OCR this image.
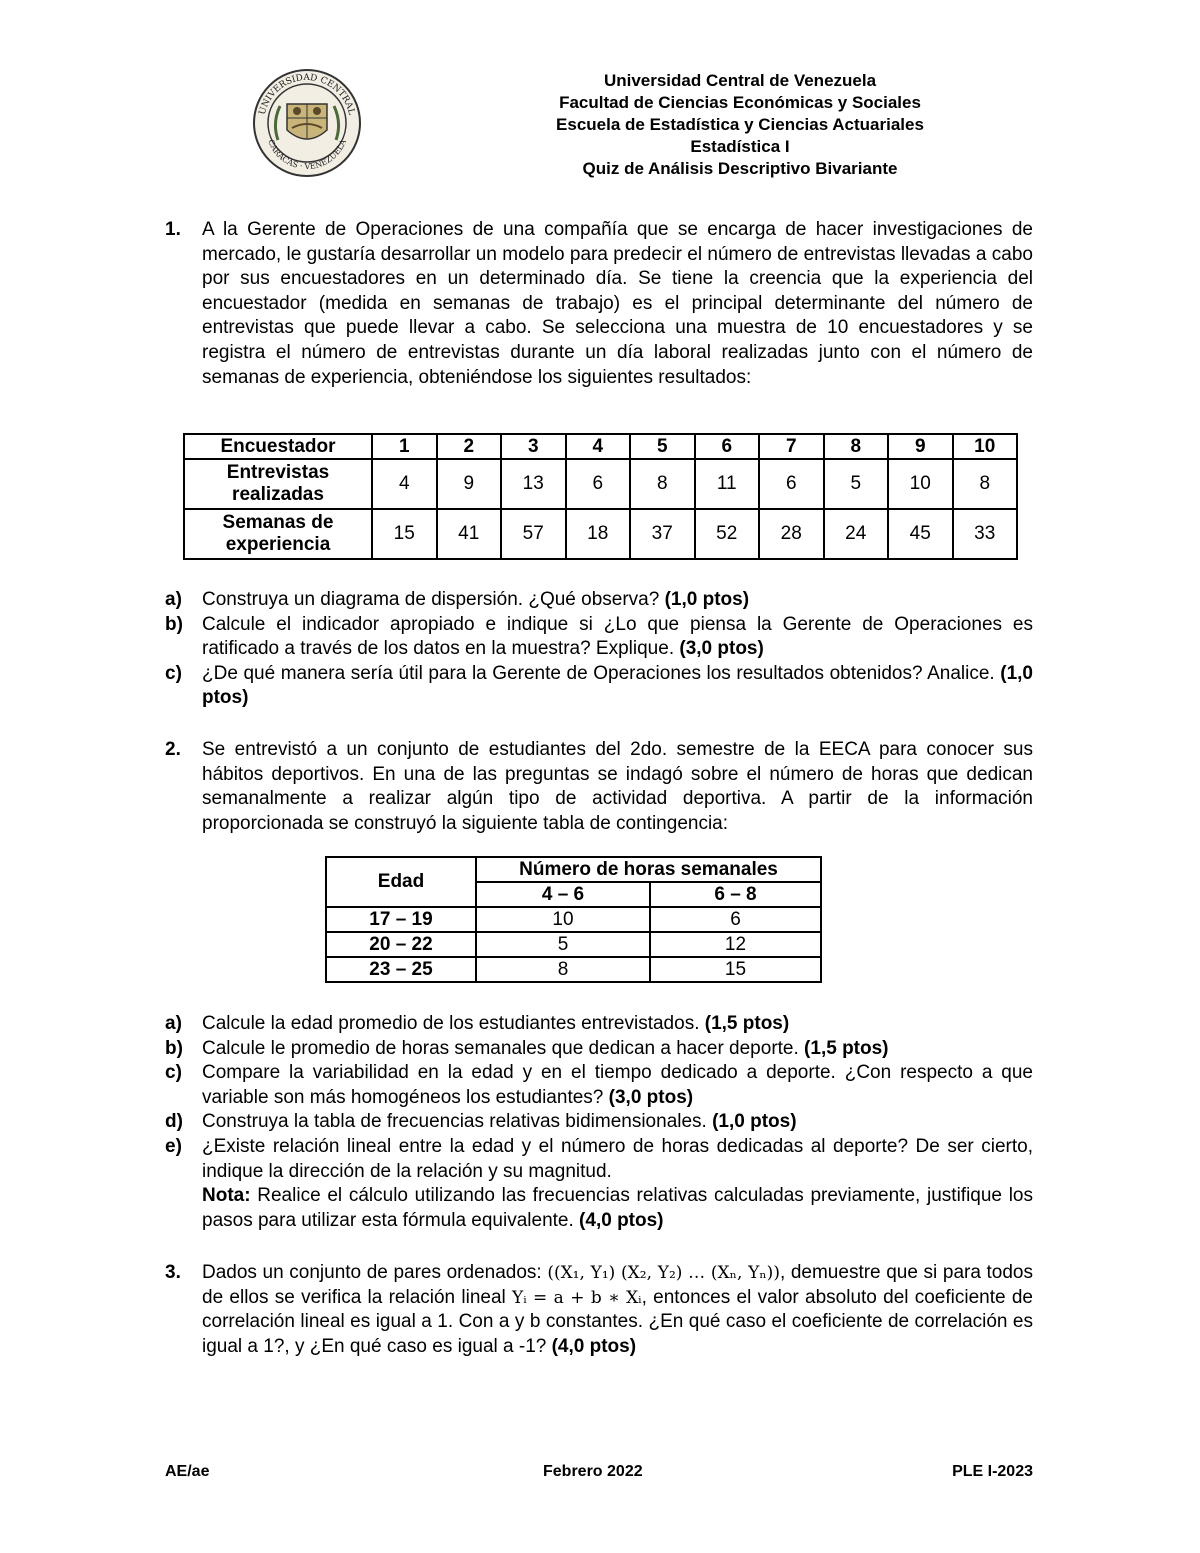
UNIVERSIDAD CENTRAL
CARACAS · VENEZUELA
Universidad Central de Venezuela
Facultad de Ciencias Económicas y Sociales
Escuela de Estadística y Ciencias Actuariales
Estadística I
Quiz de Análisis Descriptivo Bivariante
1. A la Gerente de Operaciones de una compañía que se encarga de hacer investigaciones de mercado, le gustaría desarrollar un modelo para predecir el número de entrevistas llevadas a cabo por sus encuestadores en un determinado día. Se tiene la creencia que la experiencia del encuestador (medida en semanas de trabajo) es el principal determinante del número de entrevistas que puede llevar a cabo. Se selecciona una muestra de 10 encuestadores y se registra el número de entrevistas durante un día laboral realizadas junto con el número de semanas de experiencia, obteniéndose los siguientes resultados:
Encuestador	1	2	3	4	5	6	7	8	9	10
Entrevistas
realizadas	4	9	13	6	8	11	6	5	10	8
Semanas de
experiencia	15	41	57	18	37	52	28	24	45	33
a) Construya un diagrama de dispersión. ¿Qué observa? (1,0 ptos)
b) Calcule el indicador apropiado e indique si ¿Lo que piensa la Gerente de Operaciones es ratificado a través de los datos en la muestra? Explique. (3,0 ptos)
c) ¿De qué manera sería útil para la Gerente de Operaciones los resultados obtenidos? Analice. (1,0 ptos)
2. Se entrevistó a un conjunto de estudiantes del 2do. semestre de la EECA para conocer sus hábitos deportivos. En una de las preguntas se indagó sobre el número de horas que dedican semanalmente a realizar algún tipo de actividad deportiva. A partir de la información proporcionada se construyó la siguiente tabla de contingencia:
Edad	Número de horas semanales	
	4 – 6	6 – 8
17 – 19	10	6
20 – 22	5	12
23 – 25	8	15
a) Calcule la edad promedio de los estudiantes entrevistados. (1,5 ptos)
b) Calcule le promedio de horas semanales que dedican a hacer deporte. (1,5 ptos)
c) Compare la variabilidad en la edad y en el tiempo dedicado a deporte. ¿Con respecto a que variable son más homogéneos los estudiantes? (3,0 ptos)
d) Construya la tabla de frecuencias relativas bidimensionales. (1,0 ptos)
e) ¿Existe relación lineal entre la edad y el número de horas dedicadas al deporte? De ser cierto, indique la dirección de la relación y su magnitud.
Nota: Realice el cálculo utilizando las frecuencias relativas calculadas previamente, justifique los pasos para utilizar esta fórmula equivalente. (4,0 ptos)
3. Dados un conjunto de pares ordenados: ((X₁, Y₁) (X₂, Y₂) … (Xₙ, Yₙ)), demuestre que si para todos de ellos se verifica la relación lineal Yᵢ = a + b ∗ Xᵢ, entonces el valor absoluto del coeficiente de correlación lineal es igual a 1. Con a y b constantes. ¿En qué caso el coeficiente de correlación es igual a 1?, y ¿En qué caso es igual a -1? (4,0 ptos)
AE/ae	Febrero 2022	PLE I-2023
